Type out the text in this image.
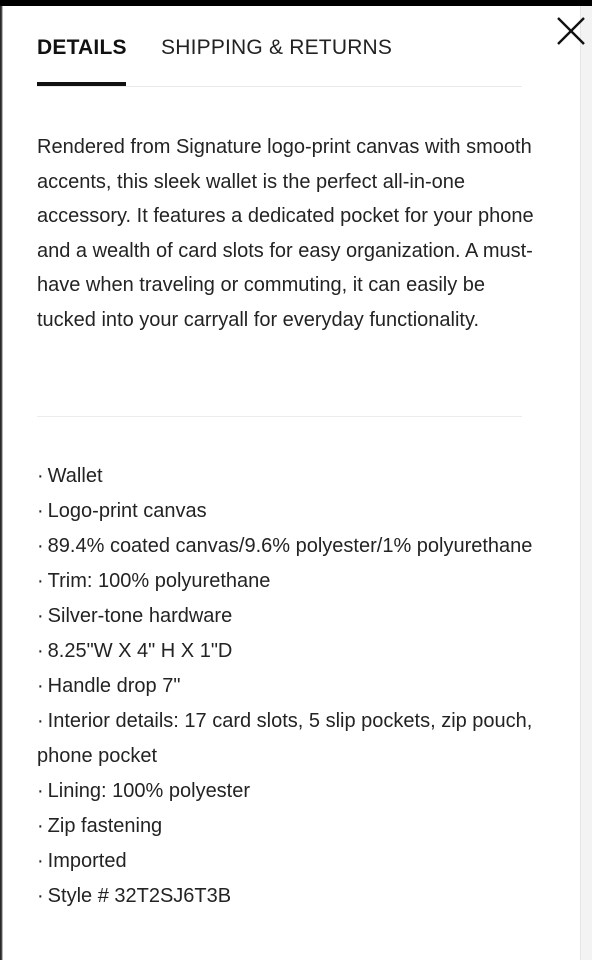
DETAILS SHIPPING & RETURNS
Rendered from Signature logo-print canvas with smooth accents, this sleek wallet is the perfect all-in-one accessory. It features a dedicated pocket for your phone and a wealth of card slots for easy organization. A must-have when traveling or commuting, it can easily be tucked into your carryall for everyday functionality.
· Wallet
· Logo-print canvas
· 89.4% coated canvas/9.6% polyester/1% polyurethane
· Trim: 100% polyurethane
· Silver-tone hardware
· 8.25"W X 4" H X 1"D
· Handle drop 7"
· Interior details: 17 card slots, 5 slip pockets, zip pouch, phone pocket
· Lining: 100% polyester
· Zip fastening
· Imported
· Style # 32T2SJ6T3B
